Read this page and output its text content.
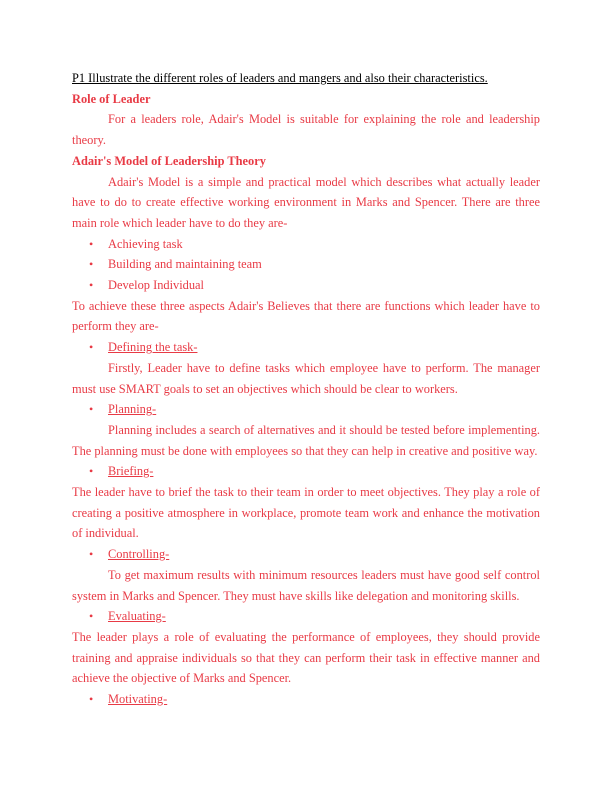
P1 Illustrate the different roles of leaders and mangers and also their characteristics.
Role of Leader
For a leaders role, Adair's Model is suitable for explaining the role and leadership theory.
Adair's Model of Leadership Theory
Adair's Model is a simple and practical model which describes what actually leader have to do to create effective working environment in Marks and Spencer. There are three main role which leader have to do they are-
• Achieving task
• Building and maintaining team
• Develop Individual
To achieve these three aspects Adair's Believes that there are functions which leader have to perform they are-
• Defining the task-
Firstly, Leader have to define tasks which employee have to perform. The manager must use SMART goals to set an objectives which should be clear to workers.
• Planning-
Planning includes a search of alternatives and it should be tested before implementing. The planning must be done with employees so that they can help in creative and positive way.
• Briefing-
The leader have to brief the task to their team in order to meet objectives. They play a role of creating a positive atmosphere in workplace, promote team work and enhance the motivation of individual.
• Controlling-
To get maximum results with minimum resources leaders must have good self control system in Marks and Spencer. They must have skills like delegation and monitoring skills.
• Evaluating-
The leader plays a role of evaluating the performance of employees, they should provide training and appraise individuals so that they can perform their task in effective manner and achieve the objective of Marks and Spencer.
• Motivating-
